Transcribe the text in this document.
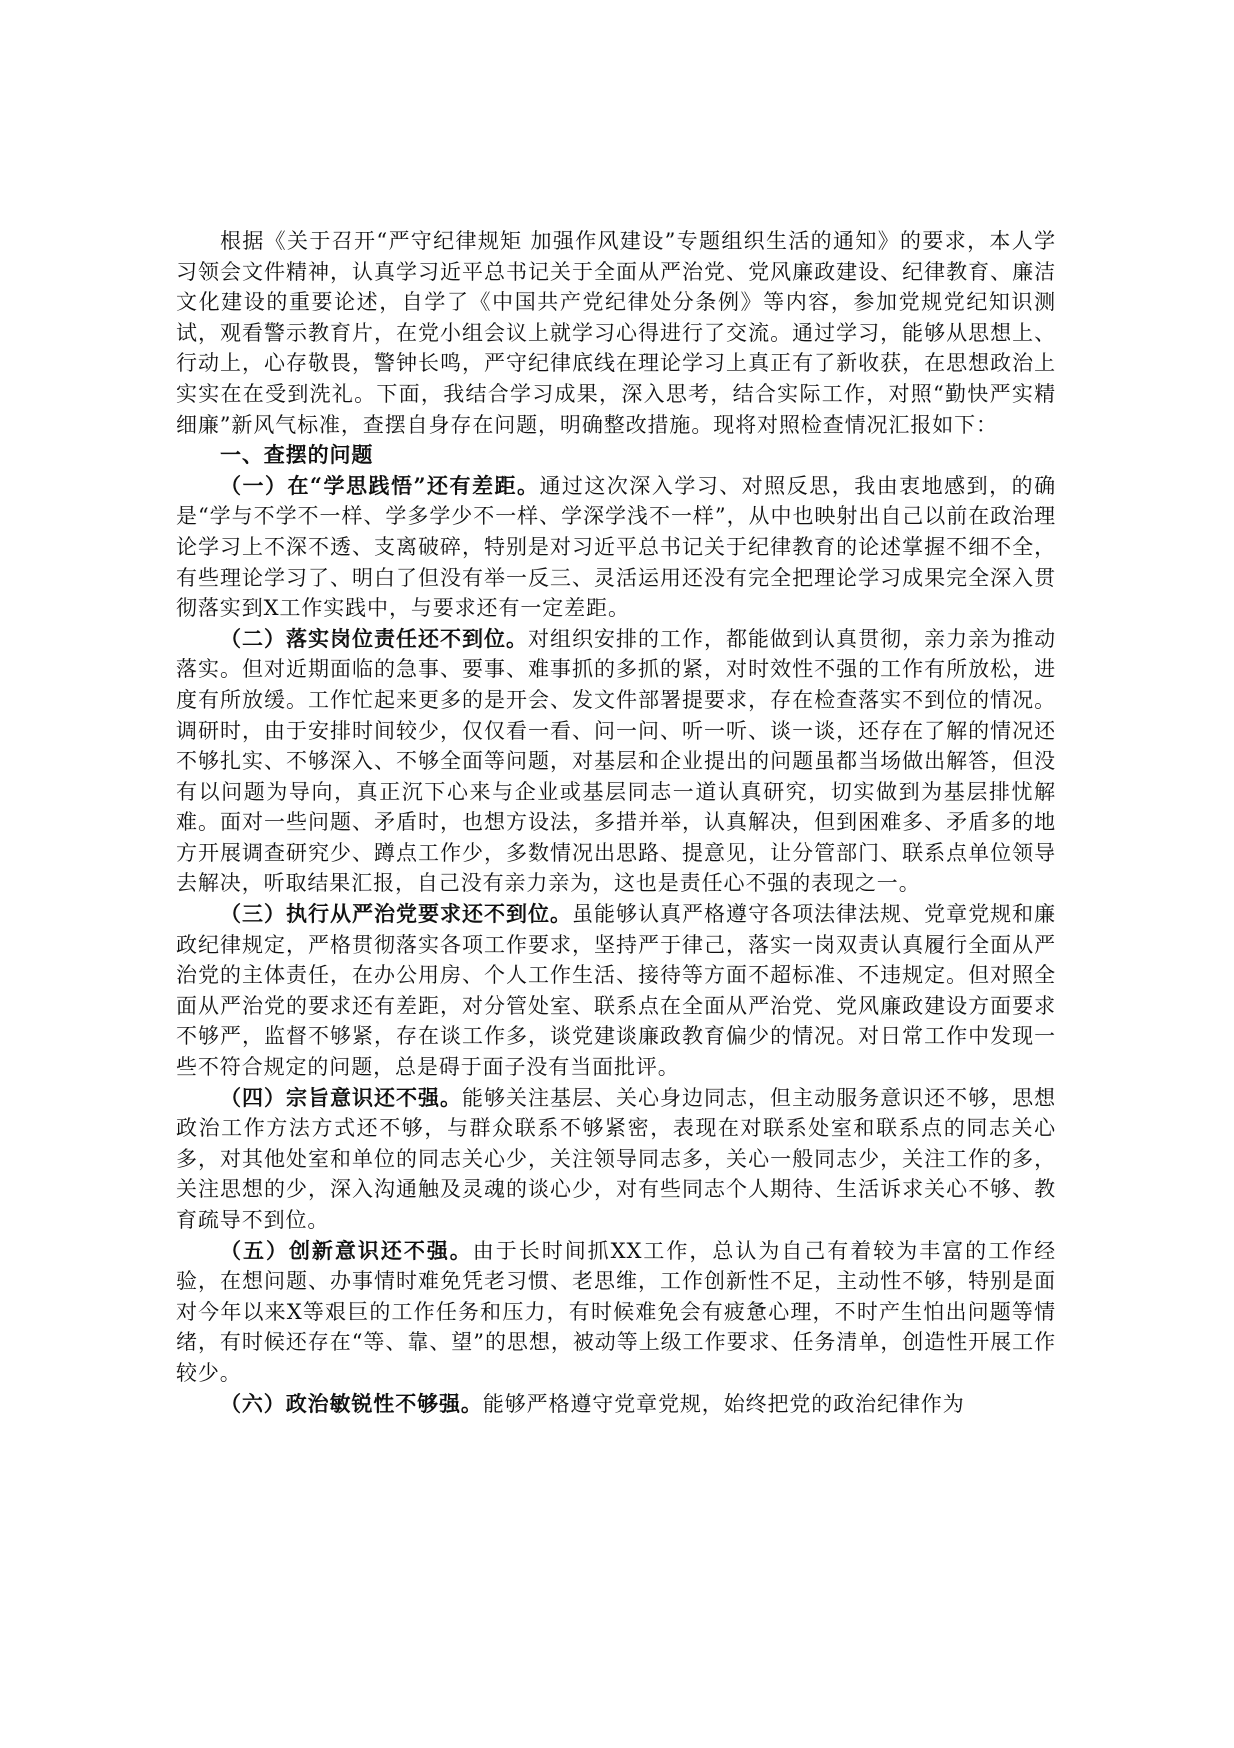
根据《关于召开“严守纪律规矩 加强作风建设”专题组织生活的通知》的要求，本人学习领会文件精神，认真学习近平总书记关于全面从严治党、党风廉政建设、纪律教育、廉洁文化建设的重要论述，自学了《中国共产党纪律处分条例》等内容，参加党规党纪知识测试，观看警示教育片，在党小组会议上就学习心得进行了交流。通过学习，能够从思想上、行动上，心存敬畏，警钟长鸣，严守纪律底线在理论学习上真正有了新收获，在思想政治上实实在在受到洗礼。下面，我结合学习成果，深入思考，结合实际工作，对照“勤快严实精细廉”新风气标准，查摆自身存在问题，明确整改措施。现将对照检查情况汇报如下：

一、查摆的问题

（一）在“学思践悟”还有差距。通过这次深入学习、对照反思，我由衷地感到，的确是“学与不学不一样、学多学少不一样、学深学浅不一样”，从中也映射出自己以前在政治理论学习上不深不透、支离破碎，特别是对习近平总书记关于纪律教育的论述掌握不细不全，有些理论学习了、明白了但没有举一反三、灵活运用还没有完全把理论学习成果完全深入贯彻落实到X工作实践中，与要求还有一定差距。

（二）落实岗位责任还不到位。对组织安排的工作，都能做到认真贯彻，亲力亲为推动落实。但对近期面临的急事、要事、难事抓的多抓的紧，对时效性不强的工作有所放松，进度有所放缓。工作忙起来更多的是开会、发文件部署提要求，存在检查落实不到位的情况。调研时，由于安排时间较少，仅仅看一看、问一问、听一听、谈一谈，还存在了解的情况还不够扎实、不够深入、不够全面等问题，对基层和企业提出的问题虽都当场做出解答，但没有以问题为导向，真正沉下心来与企业或基层同志一道认真研究，切实做到为基层排忧解难。面对一些问题、矛盾时，也想方设法，多措并举，认真解决，但到困难多、矛盾多的地方开展调查研究少、蹲点工作少，多数情况出思路、提意见，让分管部门、联系点单位领导去解决，听取结果汇报，自己没有亲力亲为，这也是责任心不强的表现之一。

（三）执行从严治党要求还不到位。虽能够认真严格遵守各项法律法规、党章党规和廉政纪律规定，严格贯彻落实各项工作要求，坚持严于律己，落实一岗双责认真履行全面从严治党的主体责任，在办公用房、个人工作生活、接待等方面不超标准、不违规定。但对照全面从严治党的要求还有差距，对分管处室、联系点在全面从严治党、党风廉政建设方面要求不够严，监督不够紧，存在谈工作多，谈党建谈廉政教育偏少的情况。对日常工作中发现一些不符合规定的问题，总是碍于面子没有当面批评。

（四）宗旨意识还不强。能够关注基层、关心身边同志，但主动服务意识还不够，思想政治工作方法方式还不够，与群众联系不够紧密，表现在对联系处室和联系点的同志关心多，对其他处室和单位的同志关心少，关注领导同志多，关心一般同志少，关注工作的多，关注思想的少，深入沟通触及灵魂的谈心少，对有些同志个人期待、生活诉求关心不够、教育疏导不到位。

（五）创新意识还不强。由于长时间抓XX工作，总认为自己有着较为丰富的工作经验，在想问题、办事情时难免凭老习惯、老思维，工作创新性不足，主动性不够，特别是面对今年以来X等艰巨的工作任务和压力，有时候难免会有疲惫心理，不时产生怕出问题等情绪，有时候还存在“等、靠、望”的思想，被动等上级工作要求、任务清单，创造性开展工作较少。

（六）政治敏锐性不够强。能够严格遵守党章党规，始终把党的政治纪律作为
